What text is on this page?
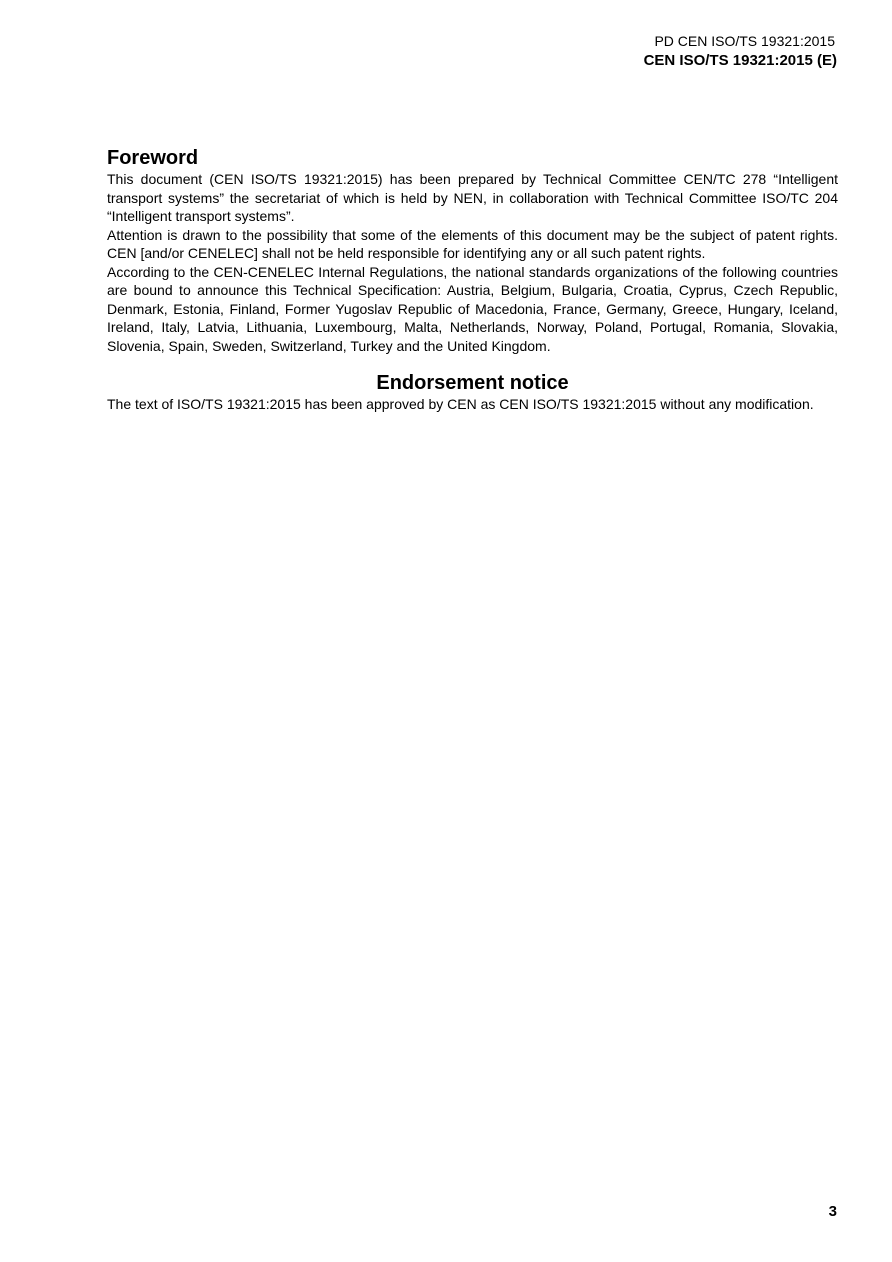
PD CEN ISO/TS 19321:2015
CEN ISO/TS 19321:2015 (E)
Foreword

This document (CEN ISO/TS 19321:2015) has been prepared by Technical Committee CEN/TC 278 “Intelligent transport systems” the secretariat of which is held by NEN, in collaboration with Technical Committee ISO/TC 204 “Intelligent transport systems”.

Attention is drawn to the possibility that some of the elements of this document may be the subject of patent rights. CEN [and/or CENELEC] shall not be held responsible for identifying any or all such patent rights.

According to the CEN-CENELEC Internal Regulations, the national standards organizations of the following countries are bound to announce this Technical Specification: Austria, Belgium, Bulgaria, Croatia, Cyprus, Czech Republic, Denmark, Estonia, Finland, Former Yugoslav Republic of Macedonia, France, Germany, Greece, Hungary, Iceland, Ireland, Italy, Latvia, Lithuania, Luxembourg, Malta, Netherlands, Norway, Poland, Portugal, Romania, Slovakia, Slovenia, Spain, Sweden, Switzerland, Turkey and the United Kingdom.

Endorsement notice

The text of ISO/TS 19321:2015 has been approved by CEN as CEN ISO/TS 19321:2015 without any modification.

3
